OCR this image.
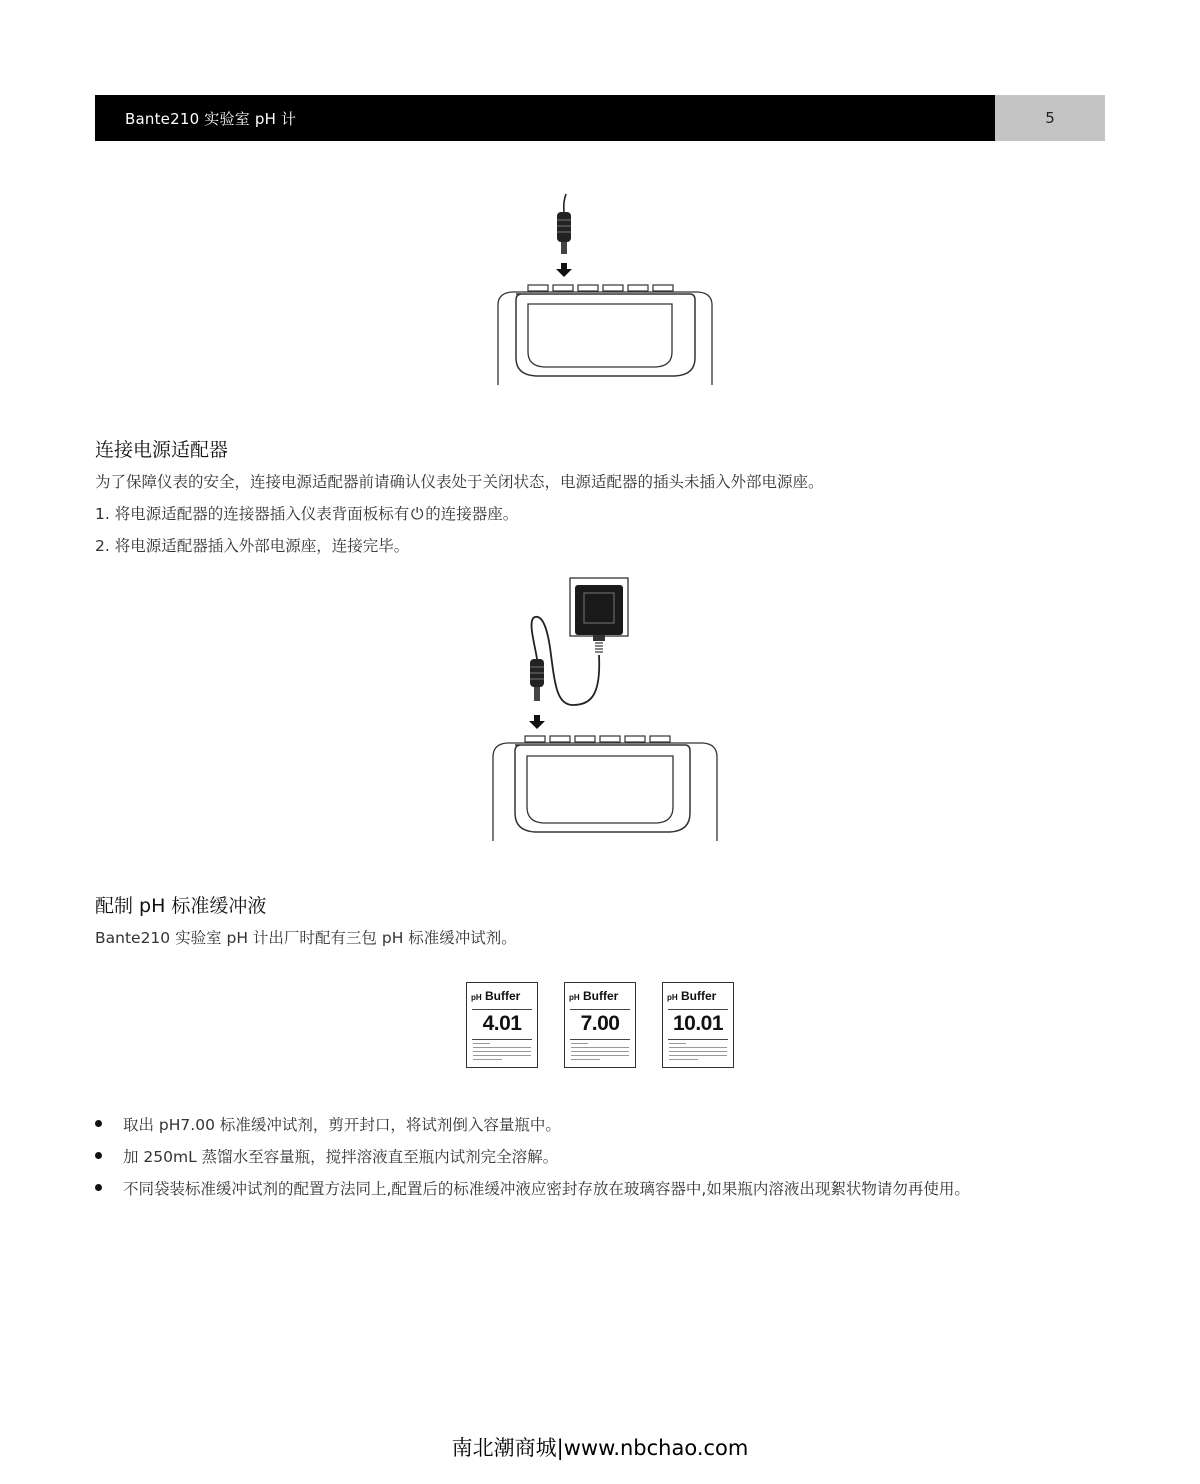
Bante210 实验室 pH 计	5
连接电源适配器
为了保障仪表的安全，连接电源适配器前请确认仪表处于关闭状态，电源适配器的插头未插入外部电源座。
1. 将电源适配器的连接器插入仪表背面板标有 ⏻ 的连接器座。
2. 将电源适配器插入外部电源座，连接完毕。
配制 pH 标准缓冲液
Bante210 实验室 pH 计出厂时配有三包 pH 标准缓冲试剂。
pH Buffer
4.01
pH Buffer
7.00
pH Buffer
10.01
取出 pH7.00 标准缓冲试剂，剪开封口，将试剂倒入容量瓶中。
加 250mL 蒸馏水至容量瓶，搅拌溶液直至瓶内试剂完全溶解。
不同袋装标准缓冲试剂的配置方法同上,配置后的标准缓冲液应密封存放在玻璃容器中,如果瓶内溶液出现絮状物请勿再使用。
南北潮商城|www.nbchao.com
